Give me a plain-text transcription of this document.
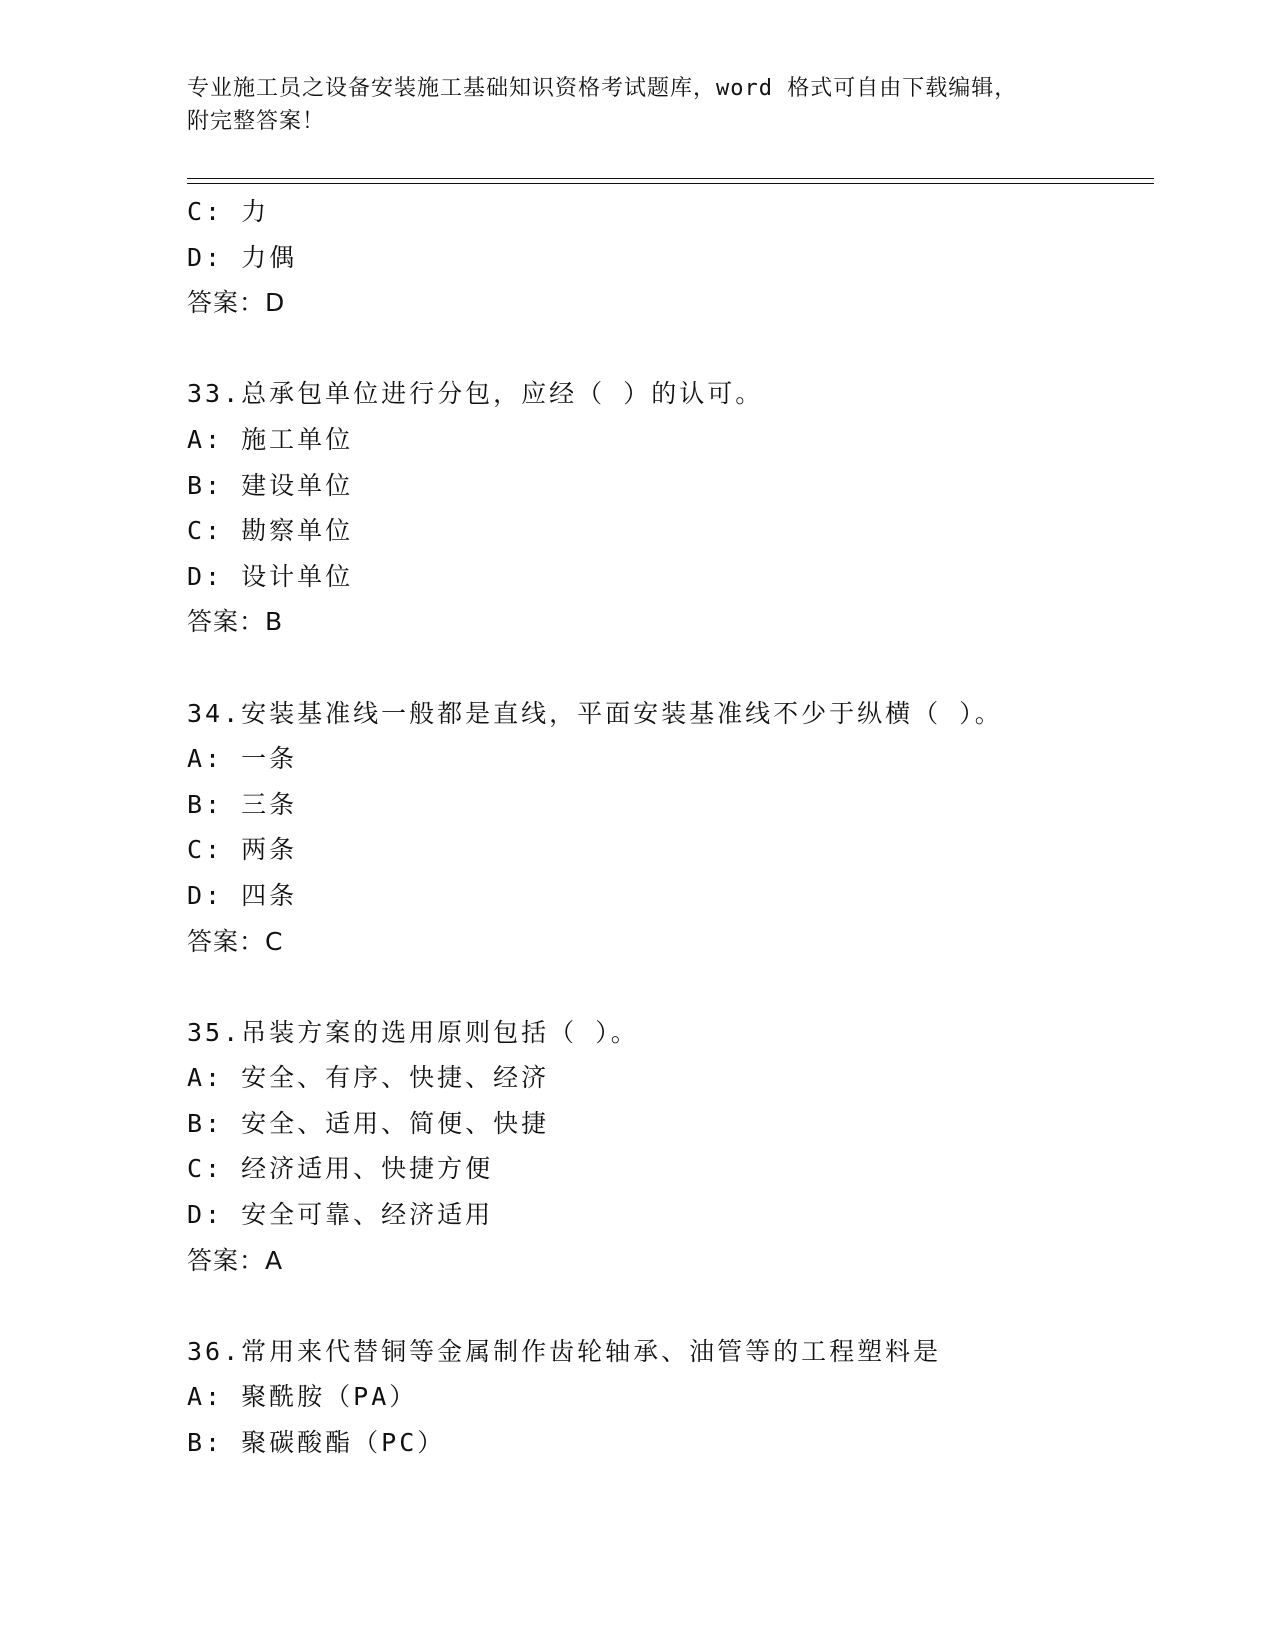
专业施工员之设备安装施工基础知识资格考试题库，word 格式可自由下载编辑，
附完整答案！
C: 力
D: 力偶
答案：D
33.总承包单位进行分包，应经（ ）的认可。
A: 施工单位
B: 建设单位
C: 勘察单位
D: 设计单位
答案：B
34.安装基准线一般都是直线，平面安装基准线不少于纵横（ ）。
A: 一条
B: 三条
C: 两条
D: 四条
答案：C
35.吊装方案的选用原则包括（ ）。
A: 安全、有序、快捷、经济
B: 安全、适用、简便、快捷
C: 经济适用、快捷方便
D: 安全可靠、经济适用
答案：A
36.常用来代替铜等金属制作齿轮轴承、油管等的工程塑料是
A: 聚酰胺（PA）
B: 聚碳酸酯（PC）
